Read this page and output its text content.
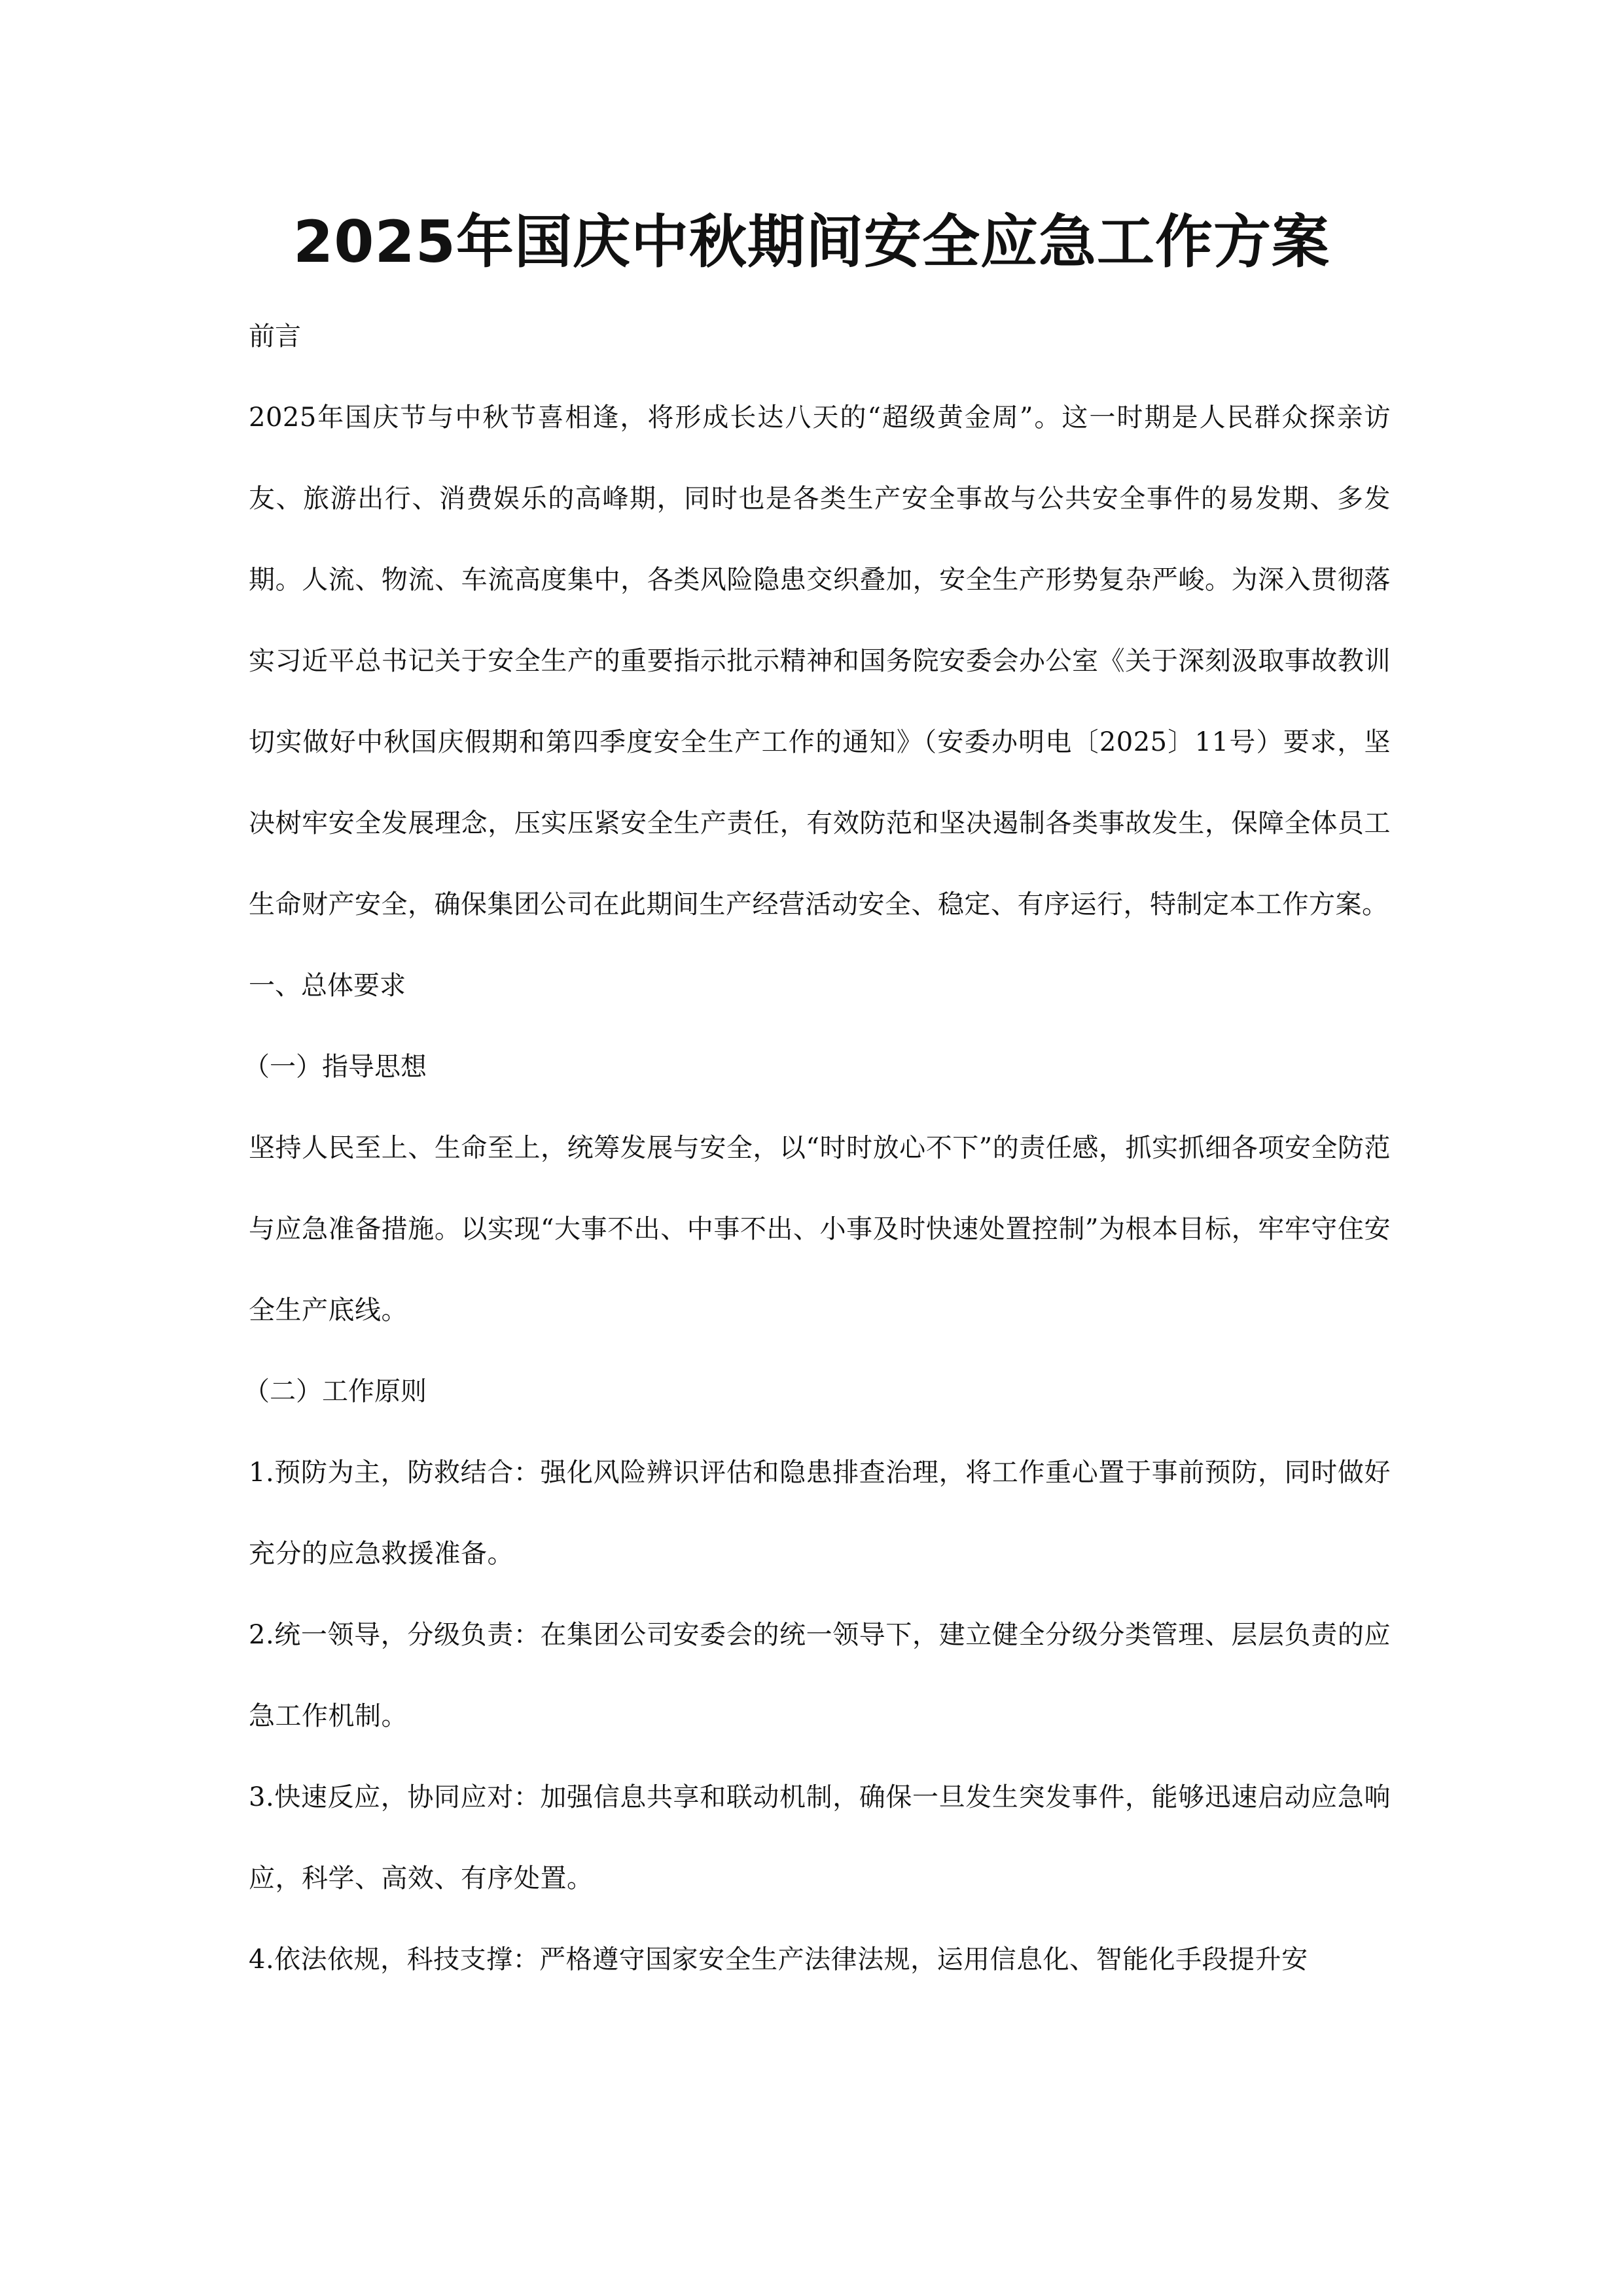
2025年国庆中秋期间安全应急工作方案

前言

2025年国庆节与中秋节喜相逢，将形成长达八天的“超级黄金周”。这一时期是人民群众探亲访友、旅游出行、消费娱乐的高峰期，同时也是各类生产安全事故与公共安全事件的易发期、多发期。人流、物流、车流高度集中，各类风险隐患交织叠加，安全生产形势复杂严峻。为深入贯彻落实习近平总书记关于安全生产的重要指示批示精神和国务院安委会办公室《关于深刻汲取事故教训切实做好中秋国庆假期和第四季度安全生产工作的通知》（安委办明电〔2025〕11号）要求，坚决树牢安全发展理念，压实压紧安全生产责任，有效防范和坚决遏制各类事故发生，保障全体员工生命财产安全，确保集团公司在此期间生产经营活动安全、稳定、有序运行，特制定本工作方案。

一、总体要求

（一）指导思想

坚持人民至上、生命至上，统筹发展与安全，以“时时放心不下”的责任感，抓实抓细各项安全防范与应急准备措施。以实现“大事不出、中事不出、小事及时快速处置控制”为根本目标，牢牢守住安全生产底线。

（二）工作原则

1.预防为主，防救结合：强化风险辨识评估和隐患排查治理，将工作重心置于事前预防，同时做好充分的应急救援准备。

2.统一领导，分级负责：在集团公司安委会的统一领导下，建立健全分级分类管理、层层负责的应急工作机制。

3.快速反应，协同应对：加强信息共享和联动机制，确保一旦发生突发事件，能够迅速启动应急响应，科学、高效、有序处置。

4.依法依规，科技支撑：严格遵守国家安全生产法律法规，运用信息化、智能化手段提升安
